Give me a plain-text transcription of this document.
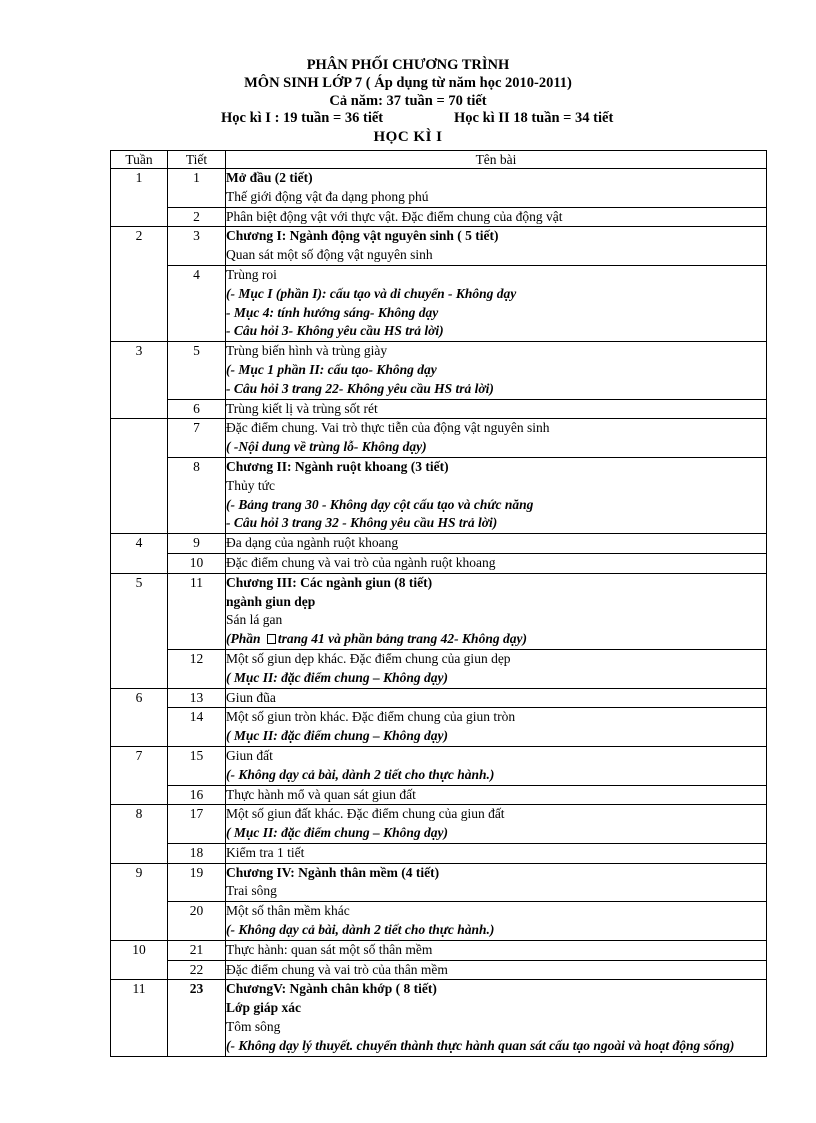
PHÂN PHỐI CHƯƠNG TRÌNH
MÔN SINH LỚP 7 ( Áp dụng từ năm học 2010-2011)
Cả năm: 37 tuần = 70 tiết
Học kì I : 19 tuần = 36 tiết	Học kì II 18 tuần = 34 tiết
HỌC KÌ I
Tuần	Tiết	Tên bài
1	1	Mở đầu (2 tiết)
Thế giới động vật đa dạng phong phú

	2	Phân biệt động vật với thực vật. Đặc điểm chung của động vật

2	3	Chương I: Ngành động vật nguyên sinh ( 5 tiết)
Quan sát một số động vật nguyên sinh

	4	Trùng roi
(- Mục I (phần I): cấu tạo và di chuyển - Không dạy
- Mục 4: tính hướng sáng- Không dạy
- Câu hỏi 3- Không yêu cầu HS trả lời)

3	5	Trùng biến hình và trùng giày
(- Mục 1 phần II: cấu tạo- Không dạy
- Câu hỏi 3 trang 22- Không yêu cầu HS trả lời)

	6	Trùng kiết lị và trùng sốt rét

	7	Đặc điểm chung. Vai trò thực tiễn của động vật nguyên sinh
( -Nội dung về trùng lỗ- Không dạy)

	8	Chương II: Ngành ruột khoang (3 tiết)
Thủy tức
(- Bảng trang 30 - Không dạy cột cấu tạo và chức năng
- Câu hỏi 3 trang 32 - Không yêu cầu HS trả lời)

4	9	Đa dạng của ngành ruột khoang

	10	Đặc điểm chung và vai trò của ngành ruột khoang

5	11	Chương III: Các ngành giun (8 tiết)
ngành giun dẹp
Sán lá gan
(Phần trang 41 và phần bảng trang 42- Không dạy)

	12	Một số giun dẹp khác. Đặc điểm chung của giun dẹp
( Mục II: đặc điểm chung – Không dạy)

6	13	Giun đũa

	14	Một số giun tròn khác. Đặc điểm chung của giun tròn
( Mục II: đặc điểm chung – Không dạy)

7	15	Giun đất
(- Không dạy cả bài, dành 2 tiết cho thực hành.)

	16	Thực hành mổ và quan sát giun đất

8	17	Một số giun đất khác. Đặc điểm chung của giun đất
( Mục II: đặc điểm chung – Không dạy)

	18	Kiểm tra 1 tiết

9	19	Chương IV: Ngành thân mềm (4 tiết)
Trai sông

	20	Một số thân mềm khác
(- Không dạy cả bài, dành 2 tiết cho thực hành.)

10	21	Thực hành: quan sát một số thân mềm

	22	Đặc điểm chung và vai trò của thân mềm

11	23	ChươngV: Ngành chân khớp ( 8 tiết)
Lớp giáp xác
Tôm sông
(- Không dạy lý thuyết. chuyển thành thực hành quan sát cấu tạo ngoài và hoạt động sống)
